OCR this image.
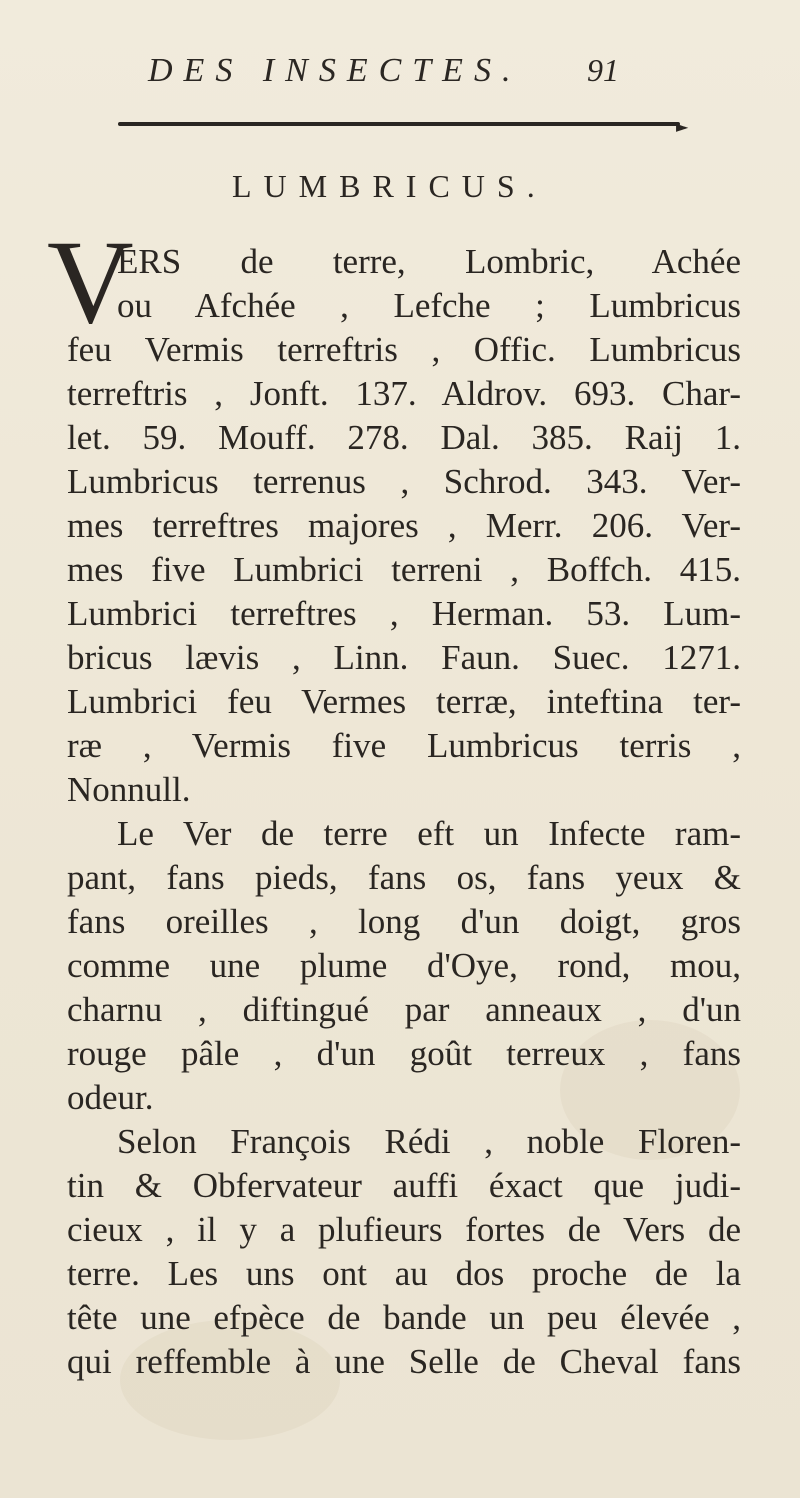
DES INSECTES. 91
►
LUMBRICUS.
V
ERS de terre, Lombric, Achée
ou Afchée , Lefche ; Lumbricus
feu Vermis terreftris , Offic. Lumbricus
terreftris , Jonft. 137. Aldrov. 693. Char-
let. 59. Mouff. 278. Dal. 385. Raij 1.
Lumbricus terrenus , Schrod. 343. Ver-
mes terreftres majores , Merr. 206. Ver-
mes five Lumbrici terreni , Boffch. 415.
Lumbrici terreftres , Herman. 53. Lum-
bricus lævis , Linn. Faun. Suec. 1271.
Lumbrici feu Vermes terræ, inteftina ter-
ræ , Vermis five Lumbricus terris ,
Nonnull.
Le Ver de terre eft un Infecte ram-
pant, fans pieds, fans os, fans yeux &
fans oreilles , long d'un doigt, gros
comme une plume d'Oye, rond, mou,
charnu , diftingué par anneaux , d'un
rouge pâle , d'un goût terreux , fans
odeur.
Selon François Rédi , noble Floren-
tin & Obfervateur auffi éxact que judi-
cieux , il y a plufieurs fortes de Vers de
terre. Les uns ont au dos proche de la
tête une efpèce de bande un peu élevée ,
qui reffemble à une Selle de Cheval fans
